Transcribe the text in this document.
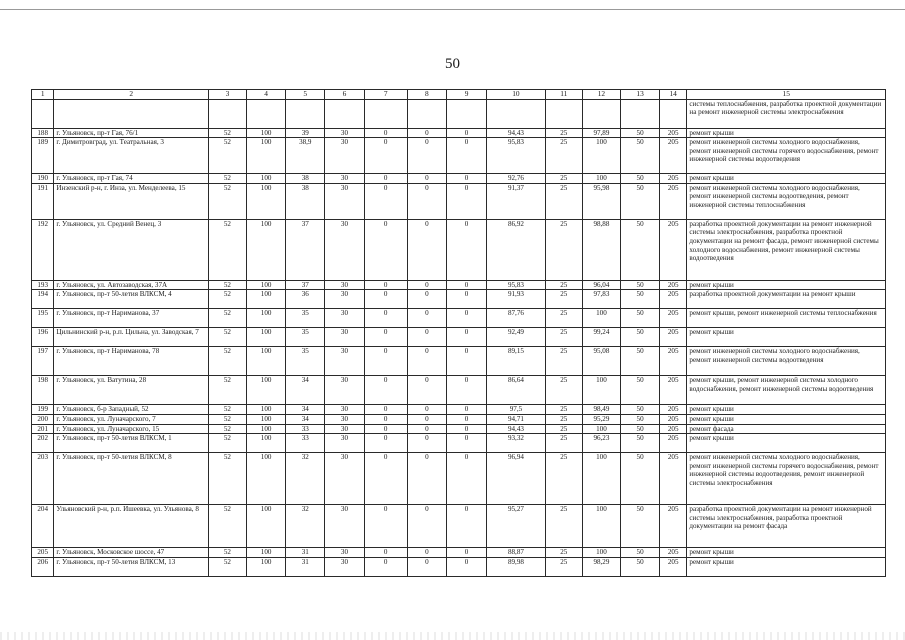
50
1	2	3	4	5	6	7	8	9	10	11	12	13	14	15
														системы теплоснабжения, разработка проектной документации на ремонт инженерной системы электроснабжения
188	г. Ульяновск, пр-т Гая, 76/1	52	100	39	30	0	0	0	94,43	25	97,89	50	205	ремонт крыши
189	г. Димитровград, ул. Театральная, 3	52	100	38,9	30	0	0	0	95,83	25	100	50	205	ремонт инженерной системы холодного водоснабжения, ремонт инженерной системы горячего водоснабжения, ремонт инженерной системы водоотведения
190	г. Ульяновск, пр-т Гая, 74	52	100	38	30	0	0	0	92,76	25	100	50	205	ремонт крыши
191	Инзенский р-н, г. Инза, ул. Менделеева, 15	52	100	38	30	0	0	0	91,37	25	95,98	50	205	ремонт инженерной системы холодного водоснабжения, ремонт инженерной системы водоотведения, ремонт инженерной системы теплоснабжения
192	г. Ульяновск, ул. Средний Венец, 3	52	100	37	30	0	0	0	86,92	25	98,88	50	205	разработка проектной документации на ремонт инженерной системы электроснабжения, разработка проектной документации на ремонт фасада, ремонт инженерной системы холодного водоснабжения, ремонт инженерной системы водоотведения
193	г. Ульяновск, ул. Автозаводская, 37А	52	100	37	30	0	0	0	95,83	25	96,04	50	205	ремонт крыши
194	г. Ульяновск, пр-т 50-летия ВЛКСМ, 4	52	100	36	30	0	0	0	91,93	25	97,83	50	205	разработка проектной документации на ремонт крыши
195	г. Ульяновск, пр-т Нариманова, 37	52	100	35	30	0	0	0	87,76	25	100	50	205	ремонт крыши, ремонт инженерной системы теплоснабжения
196	Цильнинский р-н, р.п. Цильна, ул. Заводская, 7	52	100	35	30	0	0	0	92,49	25	99,24	50	205	ремонт крыши
197	г. Ульяновск, пр-т Нариманова, 78	52	100	35	30	0	0	0	89,15	25	95,08	50	205	ремонт инженерной системы холодного водоснабжения, ремонт инженерной системы водоотведения
198	г. Ульяновск, ул. Ватутина, 28	52	100	34	30	0	0	0	86,64	25	100	50	205	ремонт крыши, ремонт инженерной системы холодного водоснабжения, ремонт инженерной системы водоотведения
199	г. Ульяновск, б-р Западный, 52	52	100	34	30	0	0	0	97,5	25	98,49	50	205	ремонт крыши
200	г. Ульяновск, ул. Луначарского, 7	52	100	34	30	0	0	0	94,71	25	95,29	50	205	ремонт крыши
201	г. Ульяновск, ул. Луначарского, 15	52	100	33	30	0	0	0	94,43	25	100	50	205	ремонт фасада
202	г. Ульяновск, пр-т 50-летия ВЛКСМ, 1	52	100	33	30	0	0	0	93,32	25	96,23	50	205	ремонт крыши
203	г. Ульяновск, пр-т 50-летия ВЛКСМ, 8	52	100	32	30	0	0	0	96,94	25	100	50	205	ремонт инженерной системы холодного водоснабжения, ремонт инженерной системы горячего водоснабжения, ремонт инженерной системы водоотведения, ремонт инженерной системы электроснабжения
204	Ульяновский р-н, р.п. Ишеевка, ул. Ульянова, 8	52	100	32	30	0	0	0	95,27	25	100	50	205	разработка проектной документации на ремонт инженерной системы электроснабжения, разработка проектной документации на ремонт фасада
205	г. Ульяновск, Московское шоссе, 47	52	100	31	30	0	0	0	88,87	25	100	50	205	ремонт крыши
206	г. Ульяновск, пр-т 50-летия ВЛКСМ, 13	52	100	31	30	0	0	0	89,98	25	98,29	50	205	ремонт крыши
